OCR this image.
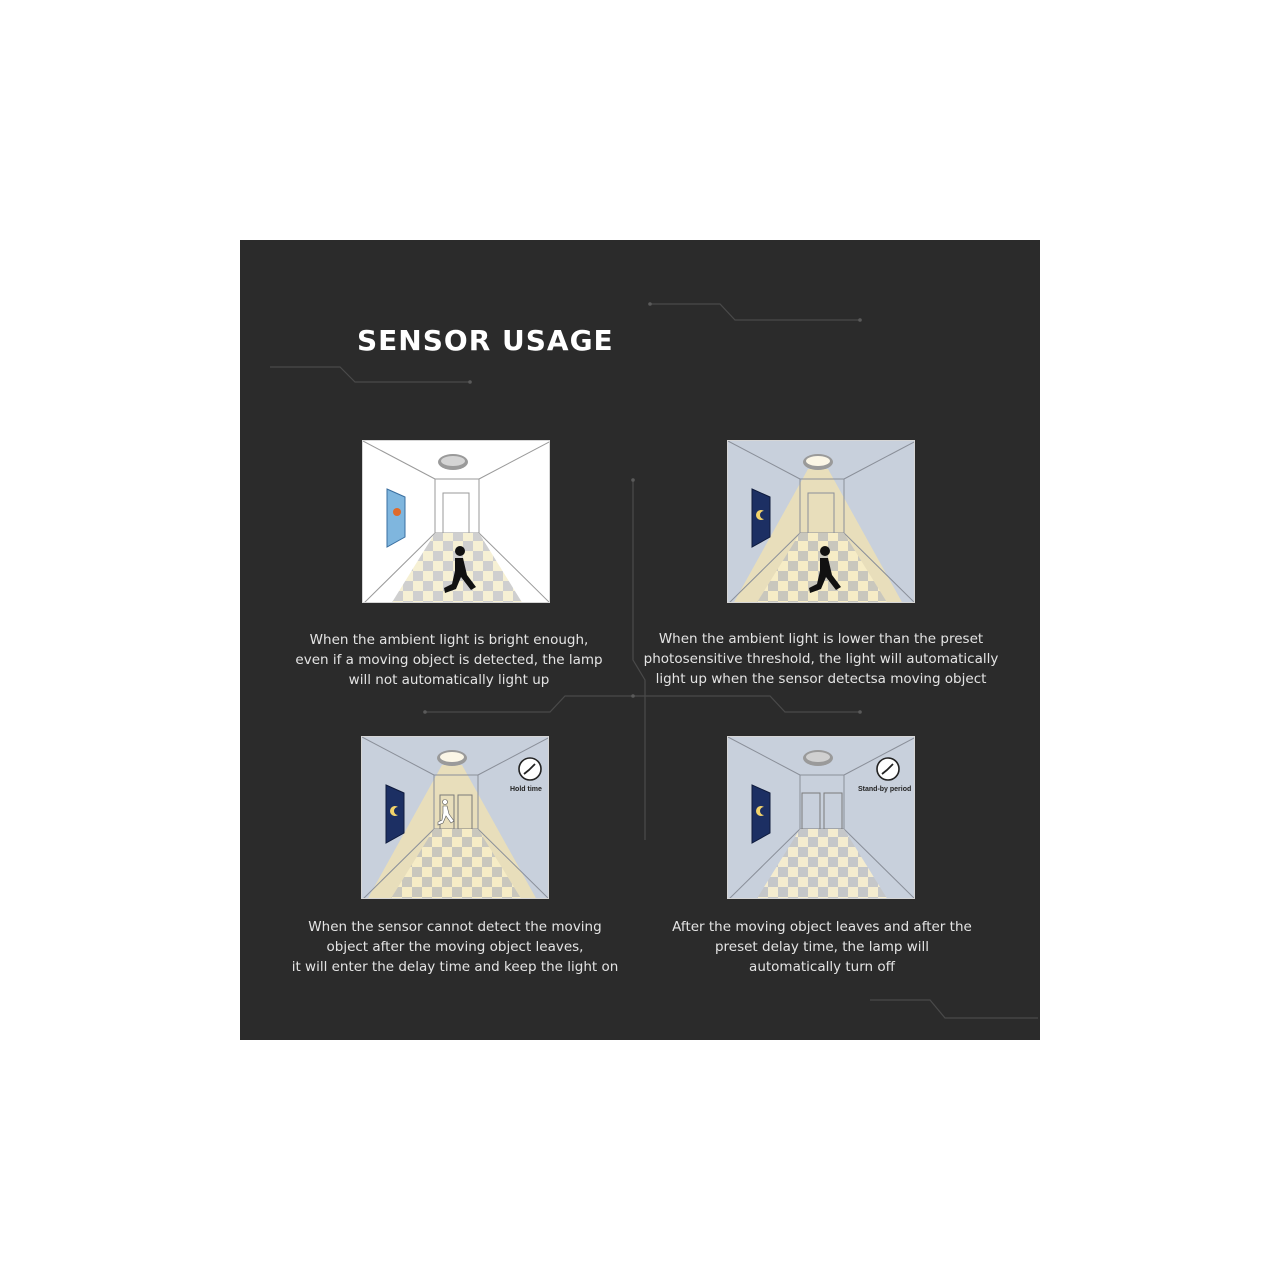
SENSOR USAGE
When the ambient light is bright enough,
even if a moving object is detected, the lamp
will not automatically light up
When the ambient light is lower than the preset
photosensitive threshold, the light will automatically
light up when the sensor detectsa moving object
Hold time
When the sensor cannot detect the moving
object after the moving object leaves,
it will enter the delay time and keep the light on
Stand-by period
After the moving object leaves and after the
preset delay time, the lamp will
automatically turn off
